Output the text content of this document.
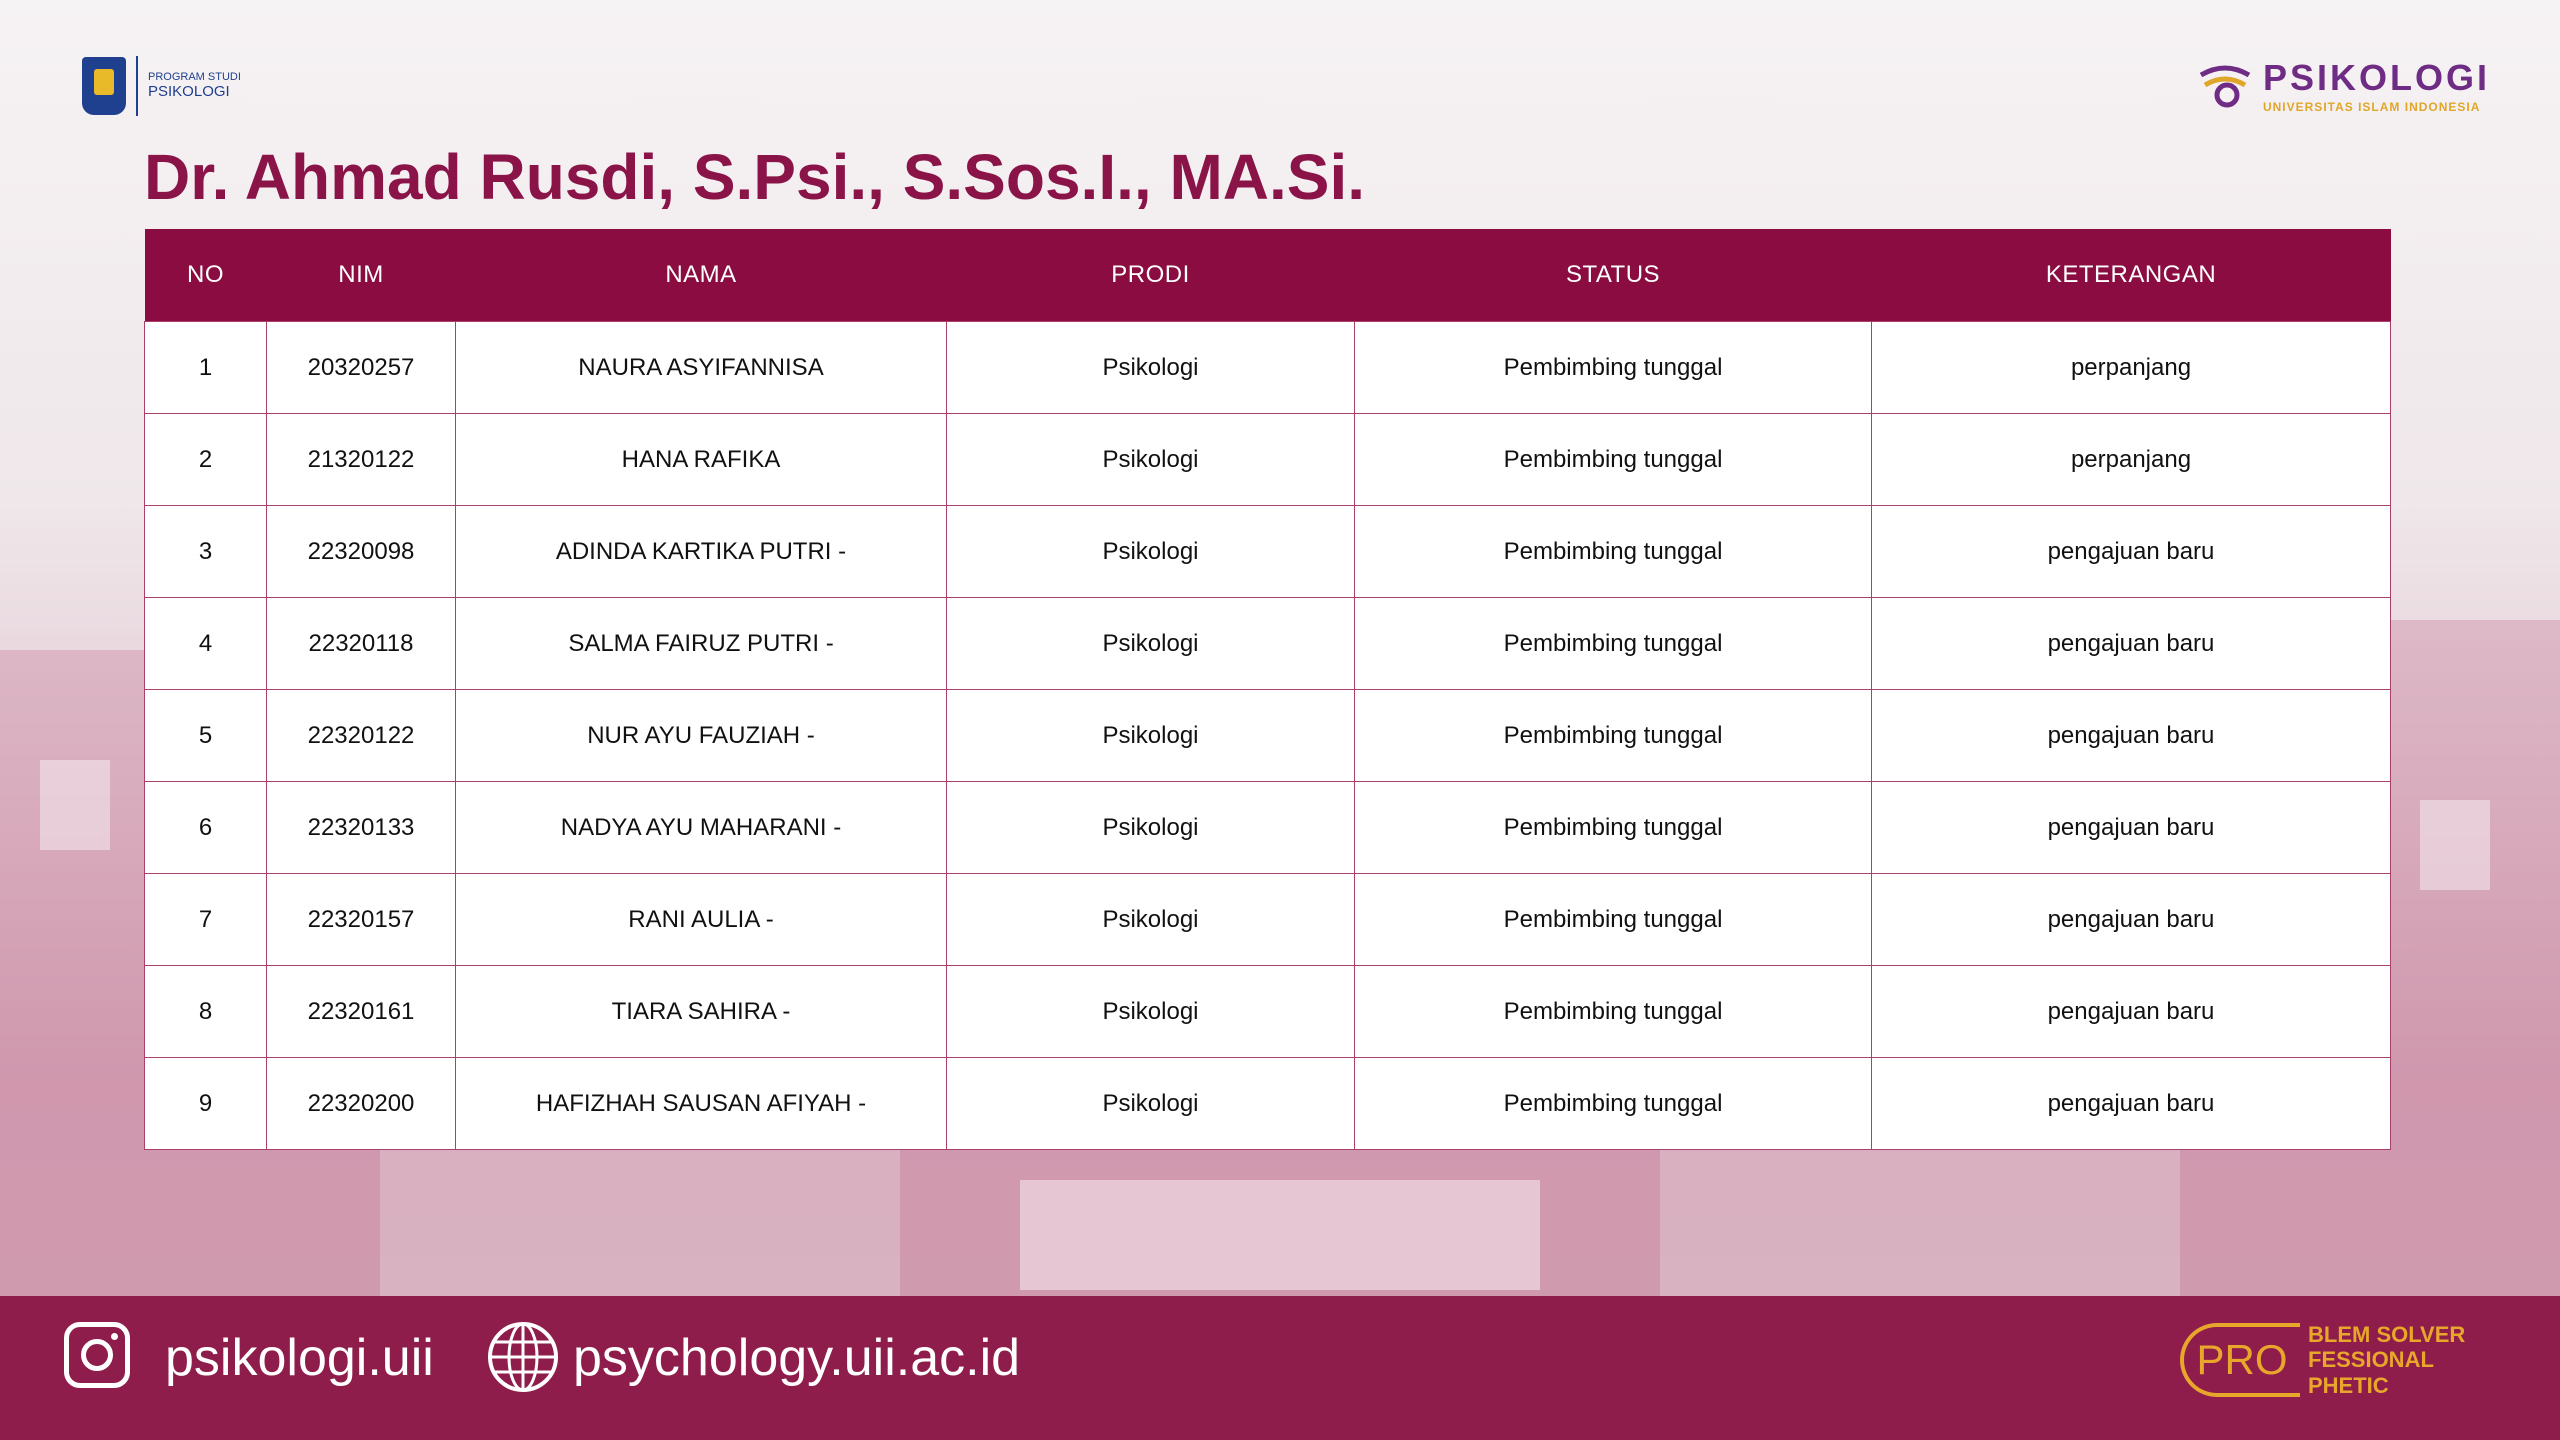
PROGRAM STUDI
PSIKOLOGI	PSIKOLOGI
UNIVERSITAS ISLAM INDONESIA
Dr. Ahmad Rusdi, S.Psi., S.Sos.I., MA.Si.
NO	NIM	NAMA	PRODI	STATUS	KETERANGAN
1	20320257	NAURA ASYIFANNISA	Psikologi	Pembimbing tunggal	perpanjang
2	21320122	HANA RAFIKA	Psikologi	Pembimbing tunggal	perpanjang
3	22320098	ADINDA KARTIKA PUTRI -	Psikologi	Pembimbing tunggal	pengajuan baru
4	22320118	SALMA FAIRUZ PUTRI -	Psikologi	Pembimbing tunggal	pengajuan baru
5	22320122	NUR AYU FAUZIAH -	Psikologi	Pembimbing tunggal	pengajuan baru
6	22320133	NADYA AYU MAHARANI -	Psikologi	Pembimbing tunggal	pengajuan baru
7	22320157	RANI AULIA -	Psikologi	Pembimbing tunggal	pengajuan baru
8	22320161	TIARA SAHIRA -	Psikologi	Pembimbing tunggal	pengajuan baru
9	22320200	HAFIZHAH SAUSAN AFIYAH -	Psikologi	Pembimbing tunggal	pengajuan baru
psikologi.uii	psychology.uii.ac.id	PRO
BLEM SOLVER
FESSIONAL
PHETIC
